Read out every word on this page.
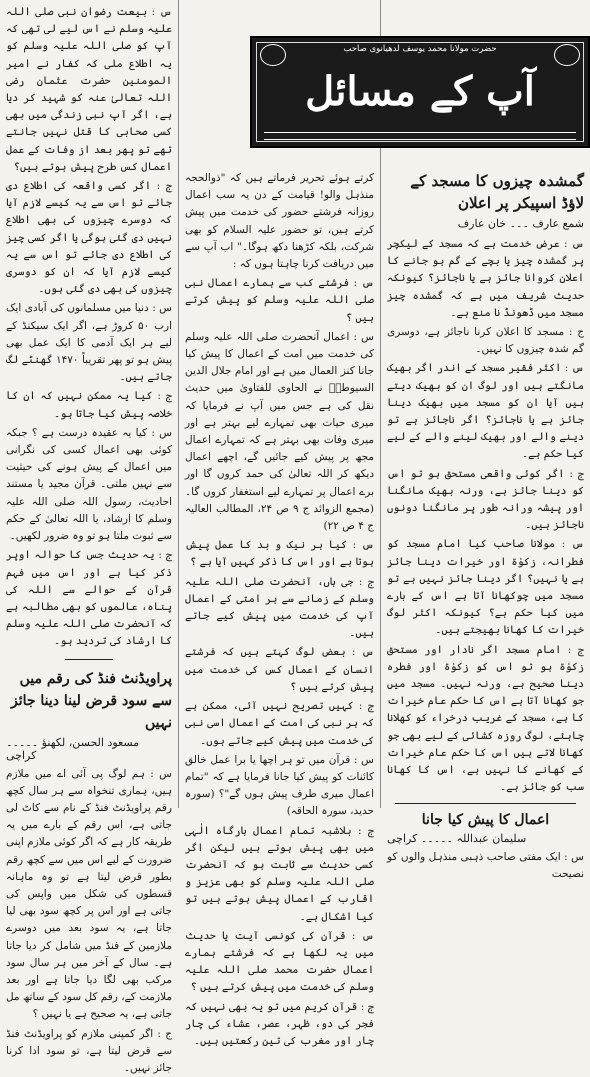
گمشدہ چیزوں کا مسجد کے لاؤڈ اسپیکر پر اعلان
شمع عارف ۔۔۔ خان عارف

س : عرض خدمت ہے کہ مسجد کے لیکچر پر گمشدہ چیز یا بچے کے گم ہو جانے کا اعلان کروانا جائز ہے یا ناجائز؟ کیونکہ حدیث شریف میں ہے کہ گمشدہ چیز مسجد میں ڈھونڈ نا منع ہے۔

ج : مسجد کا اعلان کرنا ناجائز ہے، دوسری گم شدہ چیزوں کا نہیں۔

س : اکثر فقیر مسجد کے اندر اگر بھیک مانگتے ہیں اور لوگ ان کو بھیک دیتے ہیں آیا ان کو مسجد میں بھیک دینا جائز ہے یا ناجائز؟ اگر ناجائز ہے تو دینے والے اور بھیک لینے والے کے لیے کیا حکم ہے۔

ج : اگر کوئی واقعی مستحق ہو تو اس کو دینا جائز ہے، ورنہ بھیک مانگنا اور پیشہ ورانہ طور پر مانگنا دونوں ناجائز ہیں۔

س : مولانا صاحب کیا امام مسجد کو فطرانہ، زکوٰۃ اور خیرات دینا جائز ہے یا نہیں؟ اگر دینا جائز نہیں ہے تو مسجد میں چوکھانا آتا ہے اس کے بارے میں کیا حکم ہے؟ کیونکہ اکثر لوگ خیرات کا کھانا بھیجتے ہیں۔

ج : امام مسجد اگر نادار اور مستحق زکوٰۃ ہو تو اس کو زکوٰۃ اور فطرہ دینا صحیح ہے، ورنہ نہیں۔ مسجد میں جو کھانا آتا ہے اس کا حکم عام خیرات کا ہے، مسجد کے غریب درخراء کو کھلانا چاہئے، لوگ روزہ کشائی کے لیے بھی جو کھانا لاتے ہیں اس کا حکم عام خیرات کے کھانے کا نہیں ہے، اس کا کھانا سب کو جائز ہے۔

اعمال کا پیش کیا جانا
سلیمان عبداللہ ۔۔۔۔۔ کراچی

س : ایک مفتی صاحب ذہبی منذہل والوں کو نصیحت

کرتے ہوئے تحریر فرماتے ہیں کہ "ذوالحجہ منذہل والو! قیامت کے دن یہ سب اعمال روزانہ فرشتے حضور کی خدمت میں پیش کرتے ہیں، تو حضور علیہ السلام کو بھی شرکت، بلکہ کڑھنا دکھ ہوگا۔" اب آپ سے میں دریافت کرنا چاہتا ہوں کہ :

س : فرشتے کب سے ہمارے اعمال نبی صلی اللہ علیہ وسلم کو پیش کرتے ہیں ؟

س : اعمال آنحضرت صلی اللہ علیہ وسلم کی خدمت میں امت کے اعمال کا پیش کیا جانا کنز العمال میں ہے اور امام جلال الدین السیوطیؒ نے الحاوی للفتاویٰ میں حدیث نقل کی ہے جس میں آپ نے فرمایا کہ میری حیات بھی تمہارے لیے بہتر ہے اور میری وفات بھی بہتر ہے کہ تمہارے اعمال مجھ پر پیش کیے جائیں گے، اچھے اعمال دیکھ کر اللہ تعالیٰ کی حمد کروں گا اور برے اعمال پر تمہارے لیے استغفار کروں گا۔ (مجمع الزوائد ج ۹ ص ۲۴، المطالب العالیہ ج ۴ ص ۲۲)

س : کیا ہر نیک و بد کا عمل پیش ہوتا ہے اور اس کا ذکر کہیں آیا ہے ؟

ج : جی ہاں، آنحضرت صلی اللہ علیہ وسلم کے زمانے سے ہر امتی کے اعمال آپ کی خدمت میں پیش کیے جاتے ہیں۔

س : بعض لوگ کہتے ہیں کہ فرشتے انسان کے اعمال کس کی خدمت میں پیش کرتے ہیں ؟

ج : کہیں تصریح نہیں آئی، ممکن ہے کہ ہر نبی کی امت کے اعمال اسی نبی کی خدمت میں پیش کیے جاتے ہوں۔

س : قرآن میں تو ہر اچھا یا برا عمل خالق کائنات کو پیش کیا جانا فرمایا ہے کہ "تمام اعمال میری طرف پیش ہوں گے"؟ (سورہ حدید، سورہ الحاقہ)

ج : بلاشبہ تمام اعمال بارگاہ الٰہی میں بھی پیش ہوتے ہیں لیکن اگر کسی حدیث سے ثابت ہو کہ آنحضرت صلی اللہ علیہ وسلم کو بھی عزیز و اقارب کے اعمال پیش ہوتے ہیں تو کیا اشکال ہے۔

س : قرآن کی کونسی آیت یا حدیث میں یہ لکھا ہے کہ فرشتے ہمارے اعمال حضرت محمد صلی اللہ علیہ وسلم کی خدمت میں پیش کرتے ہیں ؟

ج : قرآن کریم میں تو یہ بھی نہیں کہ فجر کی دو، ظہر، عصر، عشاء کی چار چار اور مغرب کی تین رکعتیں ہیں۔

س : بیعت رضوان نبی صلی اللہ علیہ وسلم نے اس لیے لی تھی کہ آپ کو صلی اللہ علیہ وسلم کو یہ اطلاع ملی کہ کفار نے امیر المومنین حضرت عثمان رضی اللہ تعالیٰ عنہ کو شہید کر دیا ہے، اگر آپ نبی زندگی میں بھی کسی صحابی کا قتل نہیں جانتے تھے تو پھر بعد از وفات کے عمل اعمال کس طرح پیش ہوتے ہیں؟

ج : اگر کسی واقعہ کی اطلاع دی جائے تو اس سے یہ کیسے لازم آیا کہ دوسرے چیزوں کی بھی اطلاع نہیں دی گئی ہوگی یا اگر کسی چیز کی اطلاع دی جائے تو اس سے یہ کیسے لازم آیا کہ ان کو دوسری چیزوں کی بھی دی گئی ہوں۔

س : دنیا میں مسلمانوں کی آبادی ایک ارب ۵۰ کروڑ ہے، اگر ایک سیکنڈ کے لیے ہر ایک آدمی کا ایک عمل بھی پیش ہو تو پھر تقریباً ۱۴۷۰ گھنٹے لگ جاتے ہیں۔

ج : کیا یہ ممکن نہیں کہ ان کا خلاصہ پیش کیا جاتا ہو۔

س : کیا یہ عقیدہ درست ہے ؟ جبکہ کوئی بھی اعمال کسی کی نگرانی میں اعمال کے پیش ہونے کی حیثیت سے نہیں ملتی۔ قرآن مجید یا مستند احادیث، رسول اللہ صلی اللہ علیہ وسلم کا ارشاد، یا اللہ تعالیٰ کے حکم سے ثبوت ملتا ہو تو وہ ضرور لکھیں۔

ج : یہ حدیث جس کا حوالہ اوپر ذکر کیا ہے اور اس میں فہم قرآن کے حوالے سے اللہ کی پناہ، عالموں کو بھی مطالبہ ہے کہ آنحضرت صلی اللہ علیہ وسلم کا ارشاد کی تردید ہو۔

پراویڈنٹ فنڈ کی رقم میں سے سود قرض لینا دینا جائز نہیں
مسعود الحسن، لکھنؤ ۔۔۔۔۔ کراچی

س : ہم لوگ پی آئی اے میں ملازم ہیں، ہماری تنخواہ سے ہر سال کچھ رقم پراویڈنٹ فنڈ کے نام سے کاٹ لی جاتی ہے، اس رقم کے بارے میں یہ طریقہ کار ہے کہ اگر کوئی ملازم اپنی ضرورت کے لیے اس میں سے کچھ رقم بطور قرض لیتا ہے تو وہ ماہانہ قسطوں کی شکل میں واپس کی جاتی ہے اور اس پر کچھ سود بھی لیا جاتا ہے، یہ سود بعد میں دوسرے ملازمین کے فنڈ میں شامل کر دیا جاتا ہے۔ سال کے آخر میں ہر سال سود مرکب بھی لگا دیا جاتا ہے اور بعد ملازمت کے، رقم کل سود کے ساتھ مل جاتی ہے، یہ صحیح ہے یا نہیں ؟

ج : اگر کمپنی ملازم کو پراویڈنٹ فنڈ سے قرض لیتا ہے، تو سود ادا کرنا جائز نہیں۔

حضرت مولانا محمد یوسف لدھیانوی صاحب
آپ کے مسائل
